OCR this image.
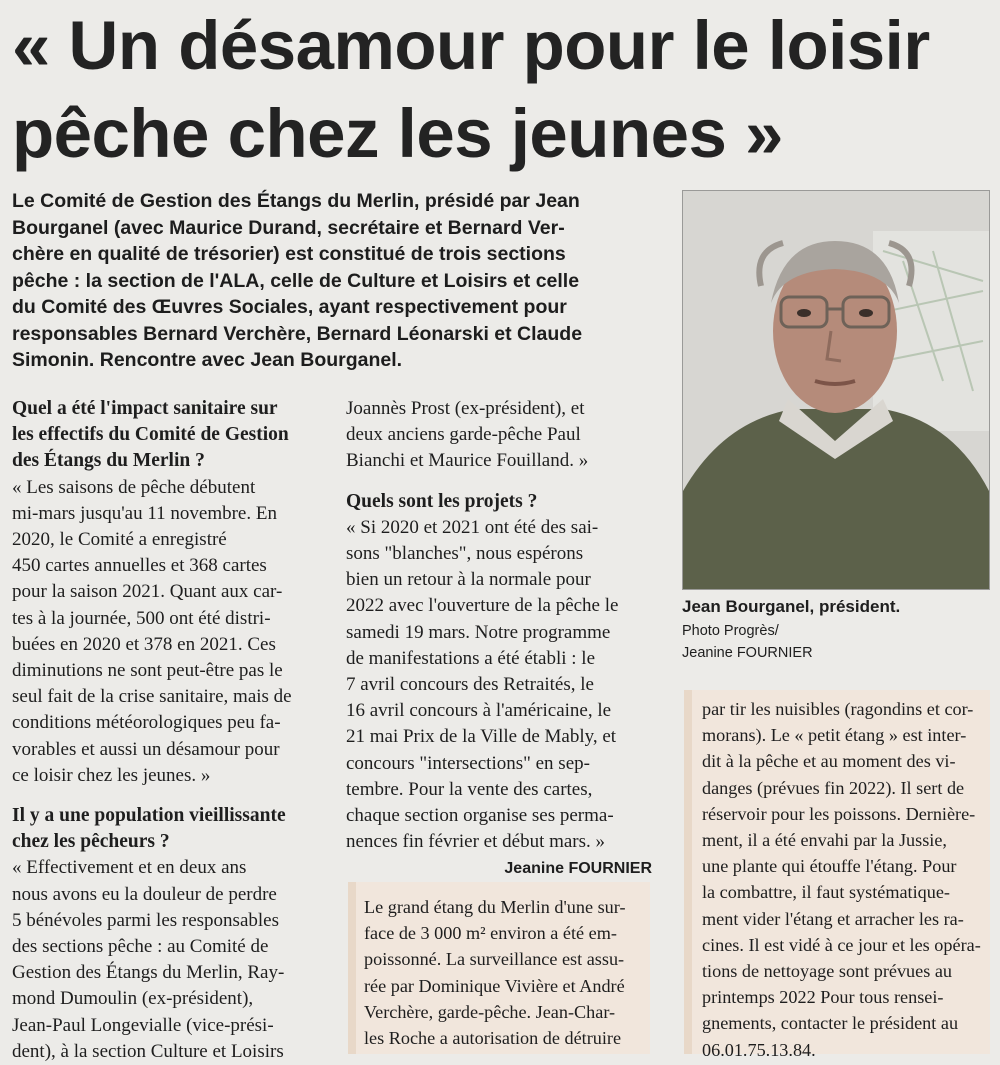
« Un désamour pour le loisir
pêche chez les jeunes »
Le Comité de Gestion des Étangs du Merlin, présidé par Jean
Bourganel (avec Maurice Durand, secrétaire et Bernard Ver-
chère en qualité de trésorier) est constitué de trois sections
pêche : la section de l'ALA, celle de Culture et Loisirs et celle
du Comité des Œuvres Sociales, ayant respectivement pour
responsables Bernard Verchère, Bernard Léonarski et Claude
Simonin. Rencontre avec Jean Bourganel.
Quel a été l'impact sanitaire sur
les effectifs du Comité de Gestion
des Étangs du Merlin ?
« Les saisons de pêche débutent
mi-mars jusqu'au 11 novembre. En
2020, le Comité a enregistré
450 cartes annuelles et 368 cartes
pour la saison 2021. Quant aux car-
tes à la journée, 500 ont été distri-
buées en 2020 et 378 en 2021. Ces
diminutions ne sont peut-être pas le
seul fait de la crise sanitaire, mais de
conditions météorologiques peu fa-
vorables et aussi un désamour pour
ce loisir chez les jeunes. »
Il y a une population vieillissante
chez les pêcheurs ?
« Effectivement et en deux ans
nous avons eu la douleur de perdre
5 bénévoles parmi les responsables
des sections pêche : au Comité de
Gestion des Étangs du Merlin, Ray-
mond Dumoulin (ex-président),
Jean-Paul Longevialle (vice-prési-
dent), à la section Culture et Loisirs
Joannès Prost (ex-président), et
deux anciens garde-pêche Paul
Bianchi et Maurice Fouilland. »
Quels sont les projets ?
« Si 2020 et 2021 ont été des sai-
sons "blanches", nous espérons
bien un retour à la normale pour
2022 avec l'ouverture de la pêche le
samedi 19 mars. Notre programme
de manifestations a été établi : le
7 avril concours des Retraités, le
16 avril concours à l'américaine, le
21 mai Prix de la Ville de Mably, et
concours "intersections" en sep-
tembre. Pour la vente des cartes,
chaque section organise ses perma-
nences fin février et début mars. »

Jeanine FOURNIER

Jean Bourganel, président.

Photo Progrès/
Jeanine FOURNIER

Le grand étang du Merlin d'une sur-
face de 3 000 m² environ a été em-
poissonné. La surveillance est assu-
rée par Dominique Vivière et André
Verchère, garde-pêche. Jean-Char-
les Roche a autorisation de détruire
par tir les nuisibles (ragondins et cor-
morans). Le « petit étang » est inter-
dit à la pêche et au moment des vi-
danges (prévues fin 2022). Il sert de
réservoir pour les poissons. Dernière-
ment, il a été envahi par la Jussie,
une plante qui étouffe l'étang. Pour
la combattre, il faut systématique-
ment vider l'étang et arracher les ra-
cines. Il est vidé à ce jour et les opéra-
tions de nettoyage sont prévues au
printemps 2022 Pour tous rensei-
gnements, contacter le président au
06.01.75.13.84.
